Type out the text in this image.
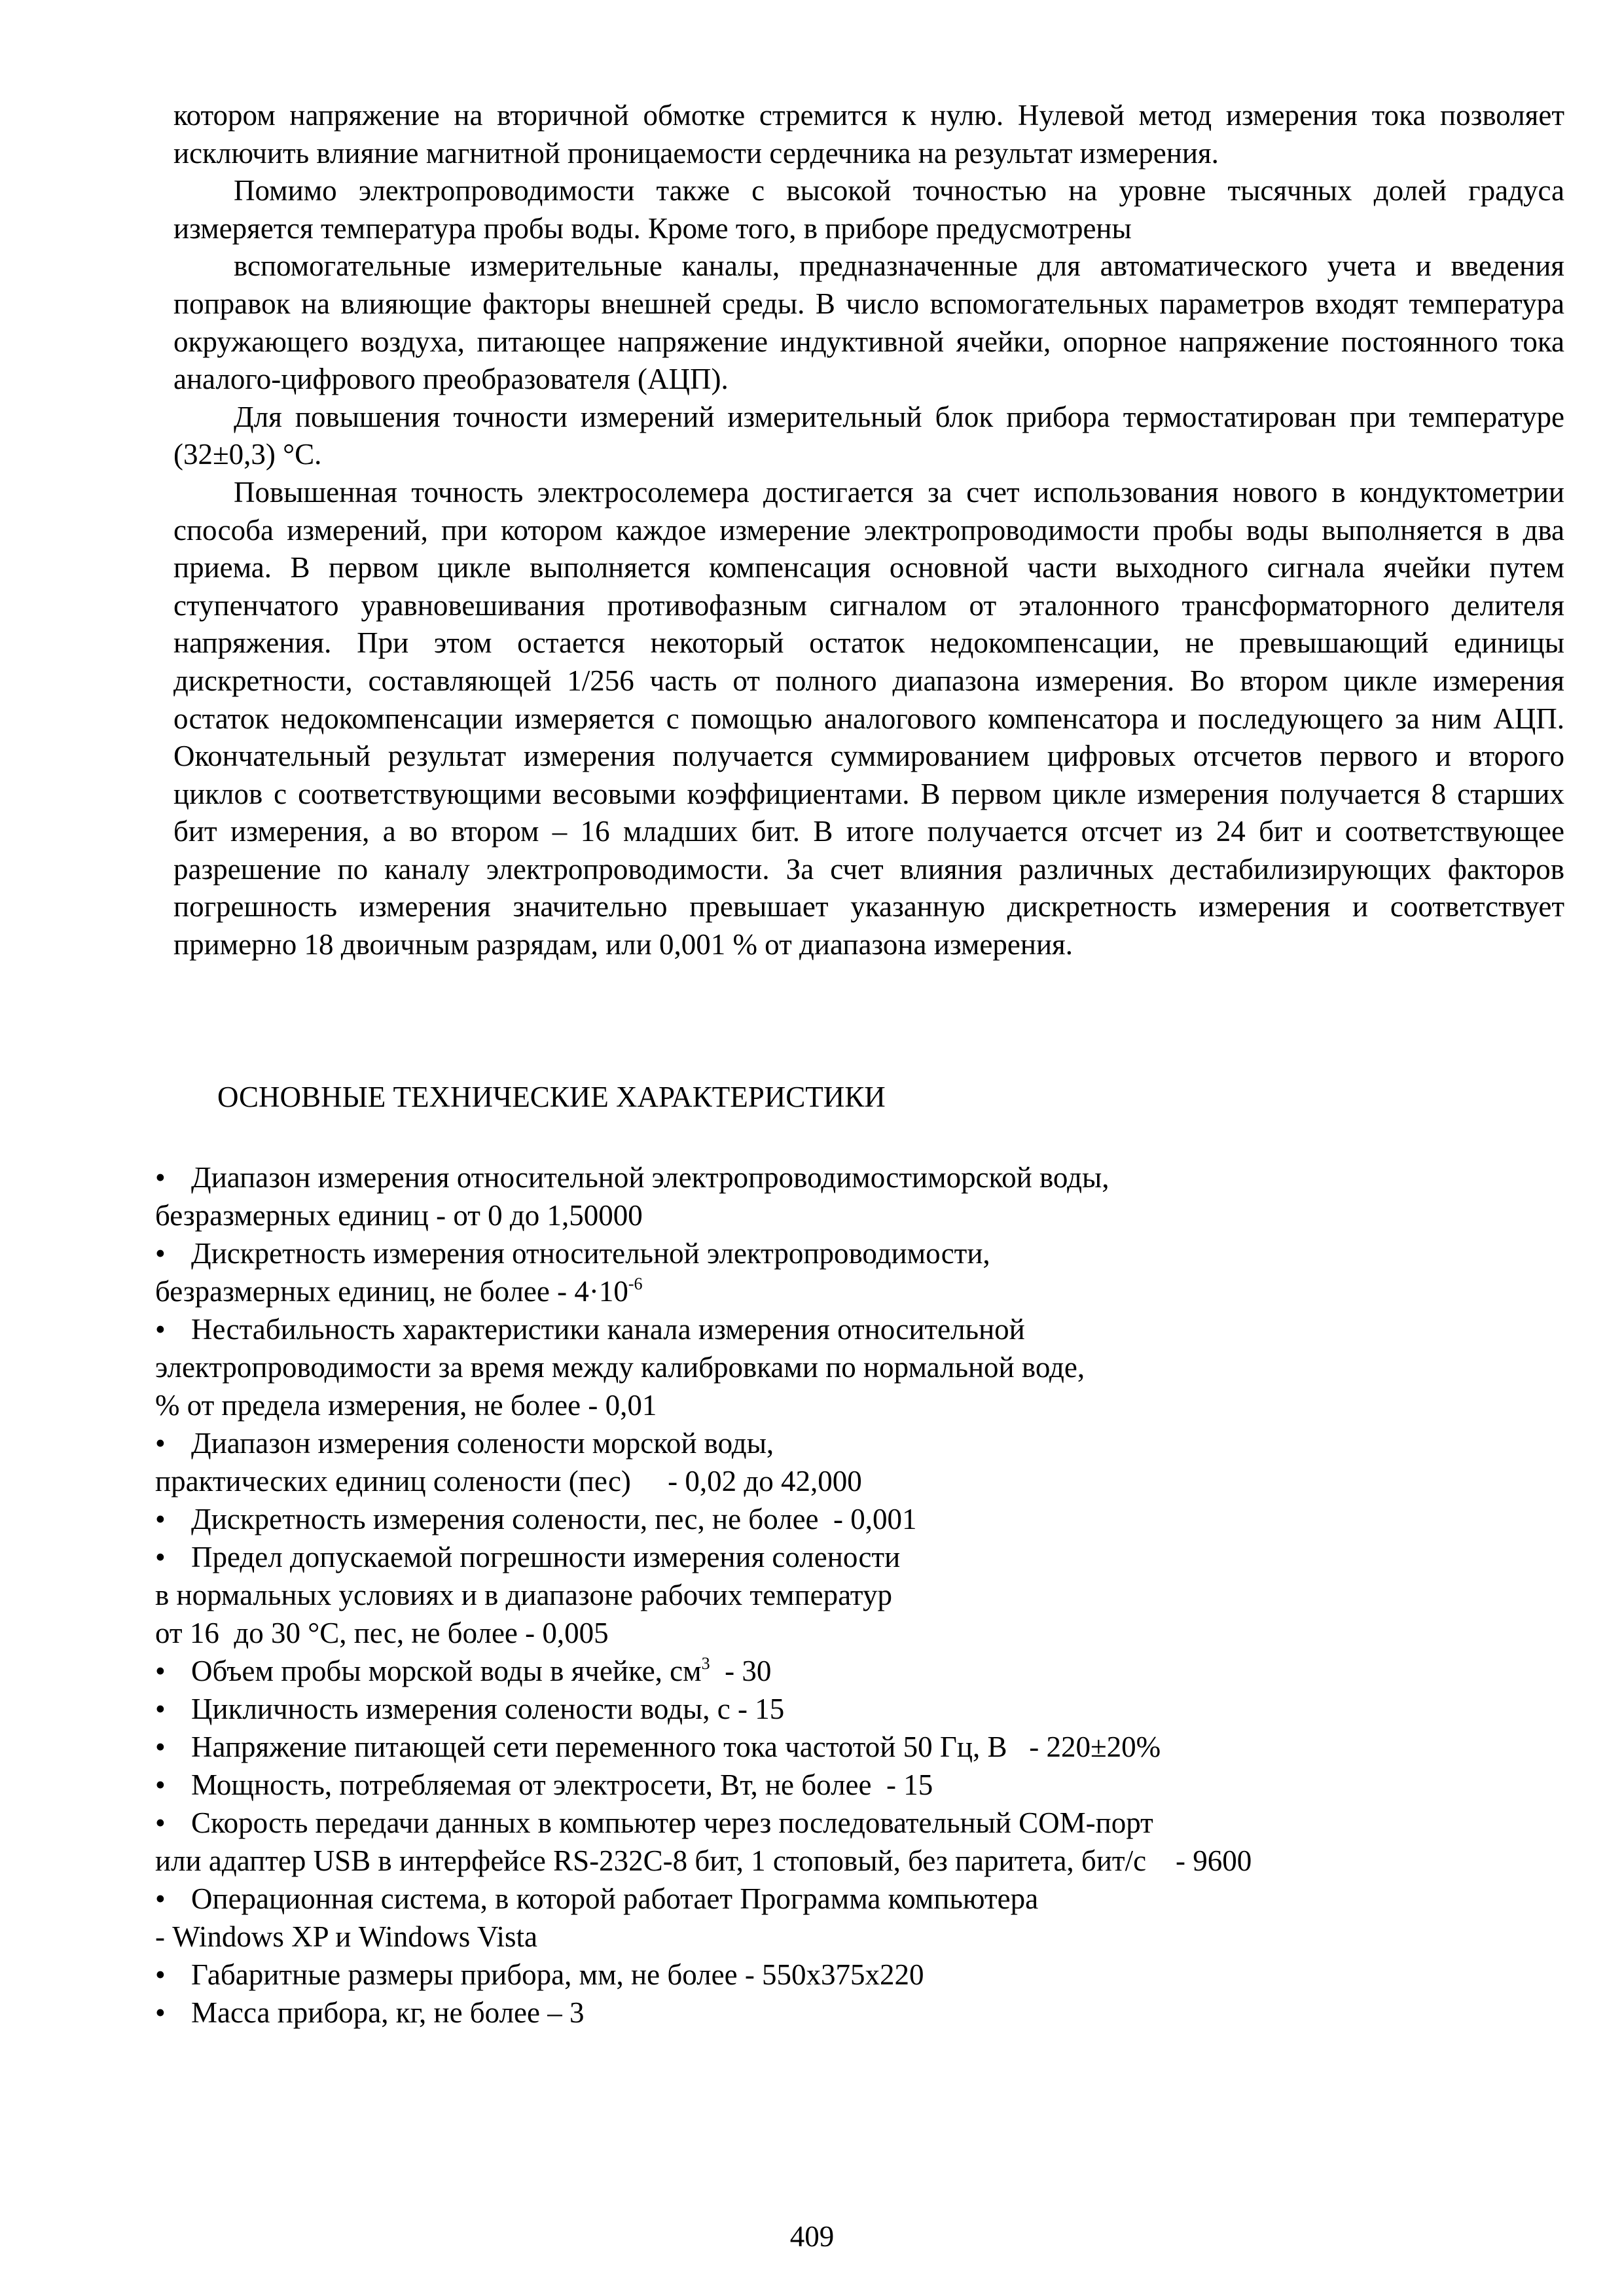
котором напряжение на вторичной обмотке стремится к нулю. Нулевой метод измерения тока позволяет исключить влияние магнитной проницаемости сердечника на результат измерения.

Помимо электропроводимости также с высокой точностью на уровне тысячных долей градуса измеряется температура пробы воды. Кроме того, в приборе предусмотрены

вспомогательные измерительные каналы, предназначенные для автоматического учета и введения поправок на влияющие факторы внешней среды. В число вспомогательных параметров входят температура окружающего воздуха, питающее напряжение индуктивной ячейки, опорное напряжение постоянного тока аналого-цифрового преобразователя (АЦП).

Для повышения точности измерений измерительный блок прибора термостатирован при температуре (32±0,3) °С.

Повышенная точность электросолемера достигается за счет использования нового в кондуктометрии способа измерений, при котором каждое измерение электропроводимости пробы воды выполняется в два приема. В первом цикле выполняется компенсация основной части выходного сигнала ячейки путем ступенчатого уравновешивания противофазным сигналом от эталонного трансформаторного делителя напряжения. При этом остается некоторый остаток недокомпенсации, не превышающий единицы дискретности, составляющей 1/256 часть от полного диапазона измерения. Во втором цикле измерения остаток недокомпенсации измеряется с помощью аналогового компенсатора и последующего за ним АЦП. Окончательный результат измерения получается суммированием цифровых отсчетов первого и второго циклов с соответствующими весовыми коэффициентами. В первом цикле измерения получается 8 старших бит измерения, а во втором – 16 младших бит. В итоге получается отсчет из 24 бит и соответствующее разрешение по каналу электропроводимости. За счет влияния различных дестабилизирующих факторов погрешность измерения значительно превышает указанную дискретность измерения и соответствует примерно 18 двоичным разрядам, или 0,001 % от диапазона измерения.

ОСНОВНЫЕ ТЕХНИЧЕСКИЕ ХАРАКТЕРИСТИКИ
• Диапазон измерения относительной электропроводимостиморской воды,
безразмерных единиц - от 0 до 1,50000
• Дискретность измерения относительной электропроводимости,
безразмерных единиц, не более - $4\cdot 10^{-6}$
• Нестабильность характеристики канала измерения относительной
электропроводимости за время между калибровками по нормальной воде,
% от предела измерения, не более - 0,01
• Диапазон измерения солености морской воды,
практических единиц солености (пес)     - 0,02 до 42,000
• Дискретность измерения солености, пес, не более  - 0,001
• Предел допускаемой погрешности измерения солености
в нормальных условиях и в диапазоне рабочих температур
от 16  до 30 °С, пес, не более - 0,005
• Объем пробы морской воды в ячейке, $см^3 - 30$
• Цикличность измерения солености воды, с - 15
• Напряжение питающей сети переменного тока частотой 50 Гц, В   - 220±20%
• Мощность, потребляемая от электросети, Вт, не более  - 15
• Скорость передачи данных в компьютер через последовательный СОМ-порт
или адаптер USB в интерфейсе RS-232С-8 бит, 1 стоповый, без паритета, бит/с    - 9600
• Операционная система, в которой работает Программа компьютера
- Windows XP и Windows Vista
• Габаритные размеры прибора, мм, не более - 550х375х220
• Масса прибора, кг, не более – 3
409
